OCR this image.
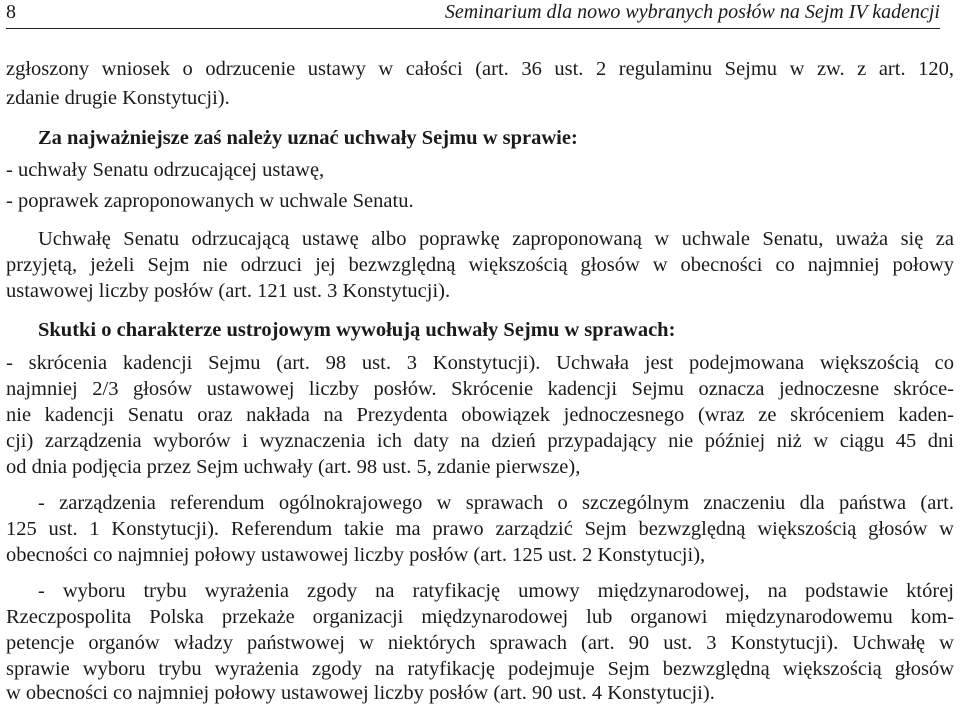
8	Seminarium dla nowo wybranych posłów na Sejm IV kadencji
zgłoszony wniosek o odrzucenie ustawy w całości (art. 36 ust. 2 regulaminu Sejmu w zw. z art. 120,
zdanie drugie Konstytucji).
Za najważniejsze zaś należy uznać uchwały Sejmu w sprawie:
- uchwały Senatu odrzucającej ustawę,
- poprawek zaproponowanych w uchwale Senatu.
Uchwałę Senatu odrzucającą ustawę albo poprawkę zaproponowaną w uchwale Senatu, uważa się za
przyjętą, jeżeli Sejm nie odrzuci jej bezwzględną większością głosów w obecności co najmniej połowy
ustawowej liczby posłów (art. 121 ust. 3 Konstytucji).
Skutki o charakterze ustrojowym wywołują uchwały Sejmu w sprawach:
- skrócenia kadencji Sejmu (art. 98 ust. 3 Konstytucji). Uchwała jest podejmowana większością co
najmniej 2/3 głosów ustawowej liczby posłów. Skrócenie kadencji Sejmu oznacza jednoczesne skróce-
nie kadencji Senatu oraz nakłada na Prezydenta obowiązek jednoczesnego (wraz ze skróceniem kaden-
cji) zarządzenia wyborów i wyznaczenia ich daty na dzień przypadający nie później niż w ciągu 45 dni
od dnia podjęcia przez Sejm uchwały (art. 98 ust. 5, zdanie pierwsze),
- zarządzenia referendum ogólnokrajowego w sprawach o szczególnym znaczeniu dla państwa (art.
125 ust. 1 Konstytucji). Referendum takie ma prawo zarządzić Sejm bezwzględną większością głosów w
obecności co najmniej połowy ustawowej liczby posłów (art. 125 ust. 2 Konstytucji),
- wyboru trybu wyrażenia zgody na ratyfikację umowy międzynarodowej, na podstawie której
Rzeczpospolita Polska przekaże organizacji międzynarodowej lub organowi międzynarodowemu kom-
petencje organów władzy państwowej w niektórych sprawach (art. 90 ust. 3 Konstytucji). Uchwałę w
sprawie wyboru trybu wyrażenia zgody na ratyfikację podejmuje Sejm bezwzględną większością głosów
w obecności co najmniej połowy ustawowej liczby posłów (art. 90 ust. 4 Konstytucji).
